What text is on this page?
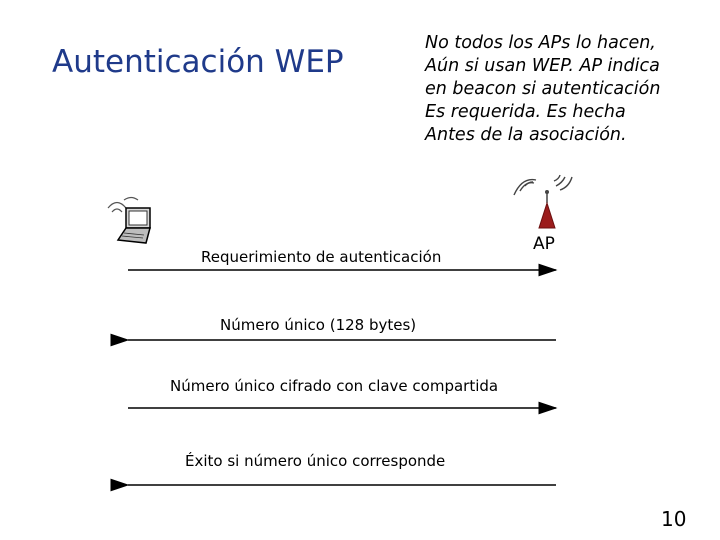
Autenticación WEP
No todos los APs lo hacen,
Aún si usan WEP. AP indica
en beacon si autenticación
Es requerida. Es hecha
Antes de la asociación.
AP
Requerimiento de autenticación
Número único (128 bytes)
Número único cifrado con clave compartida
Éxito si número único corresponde
10
